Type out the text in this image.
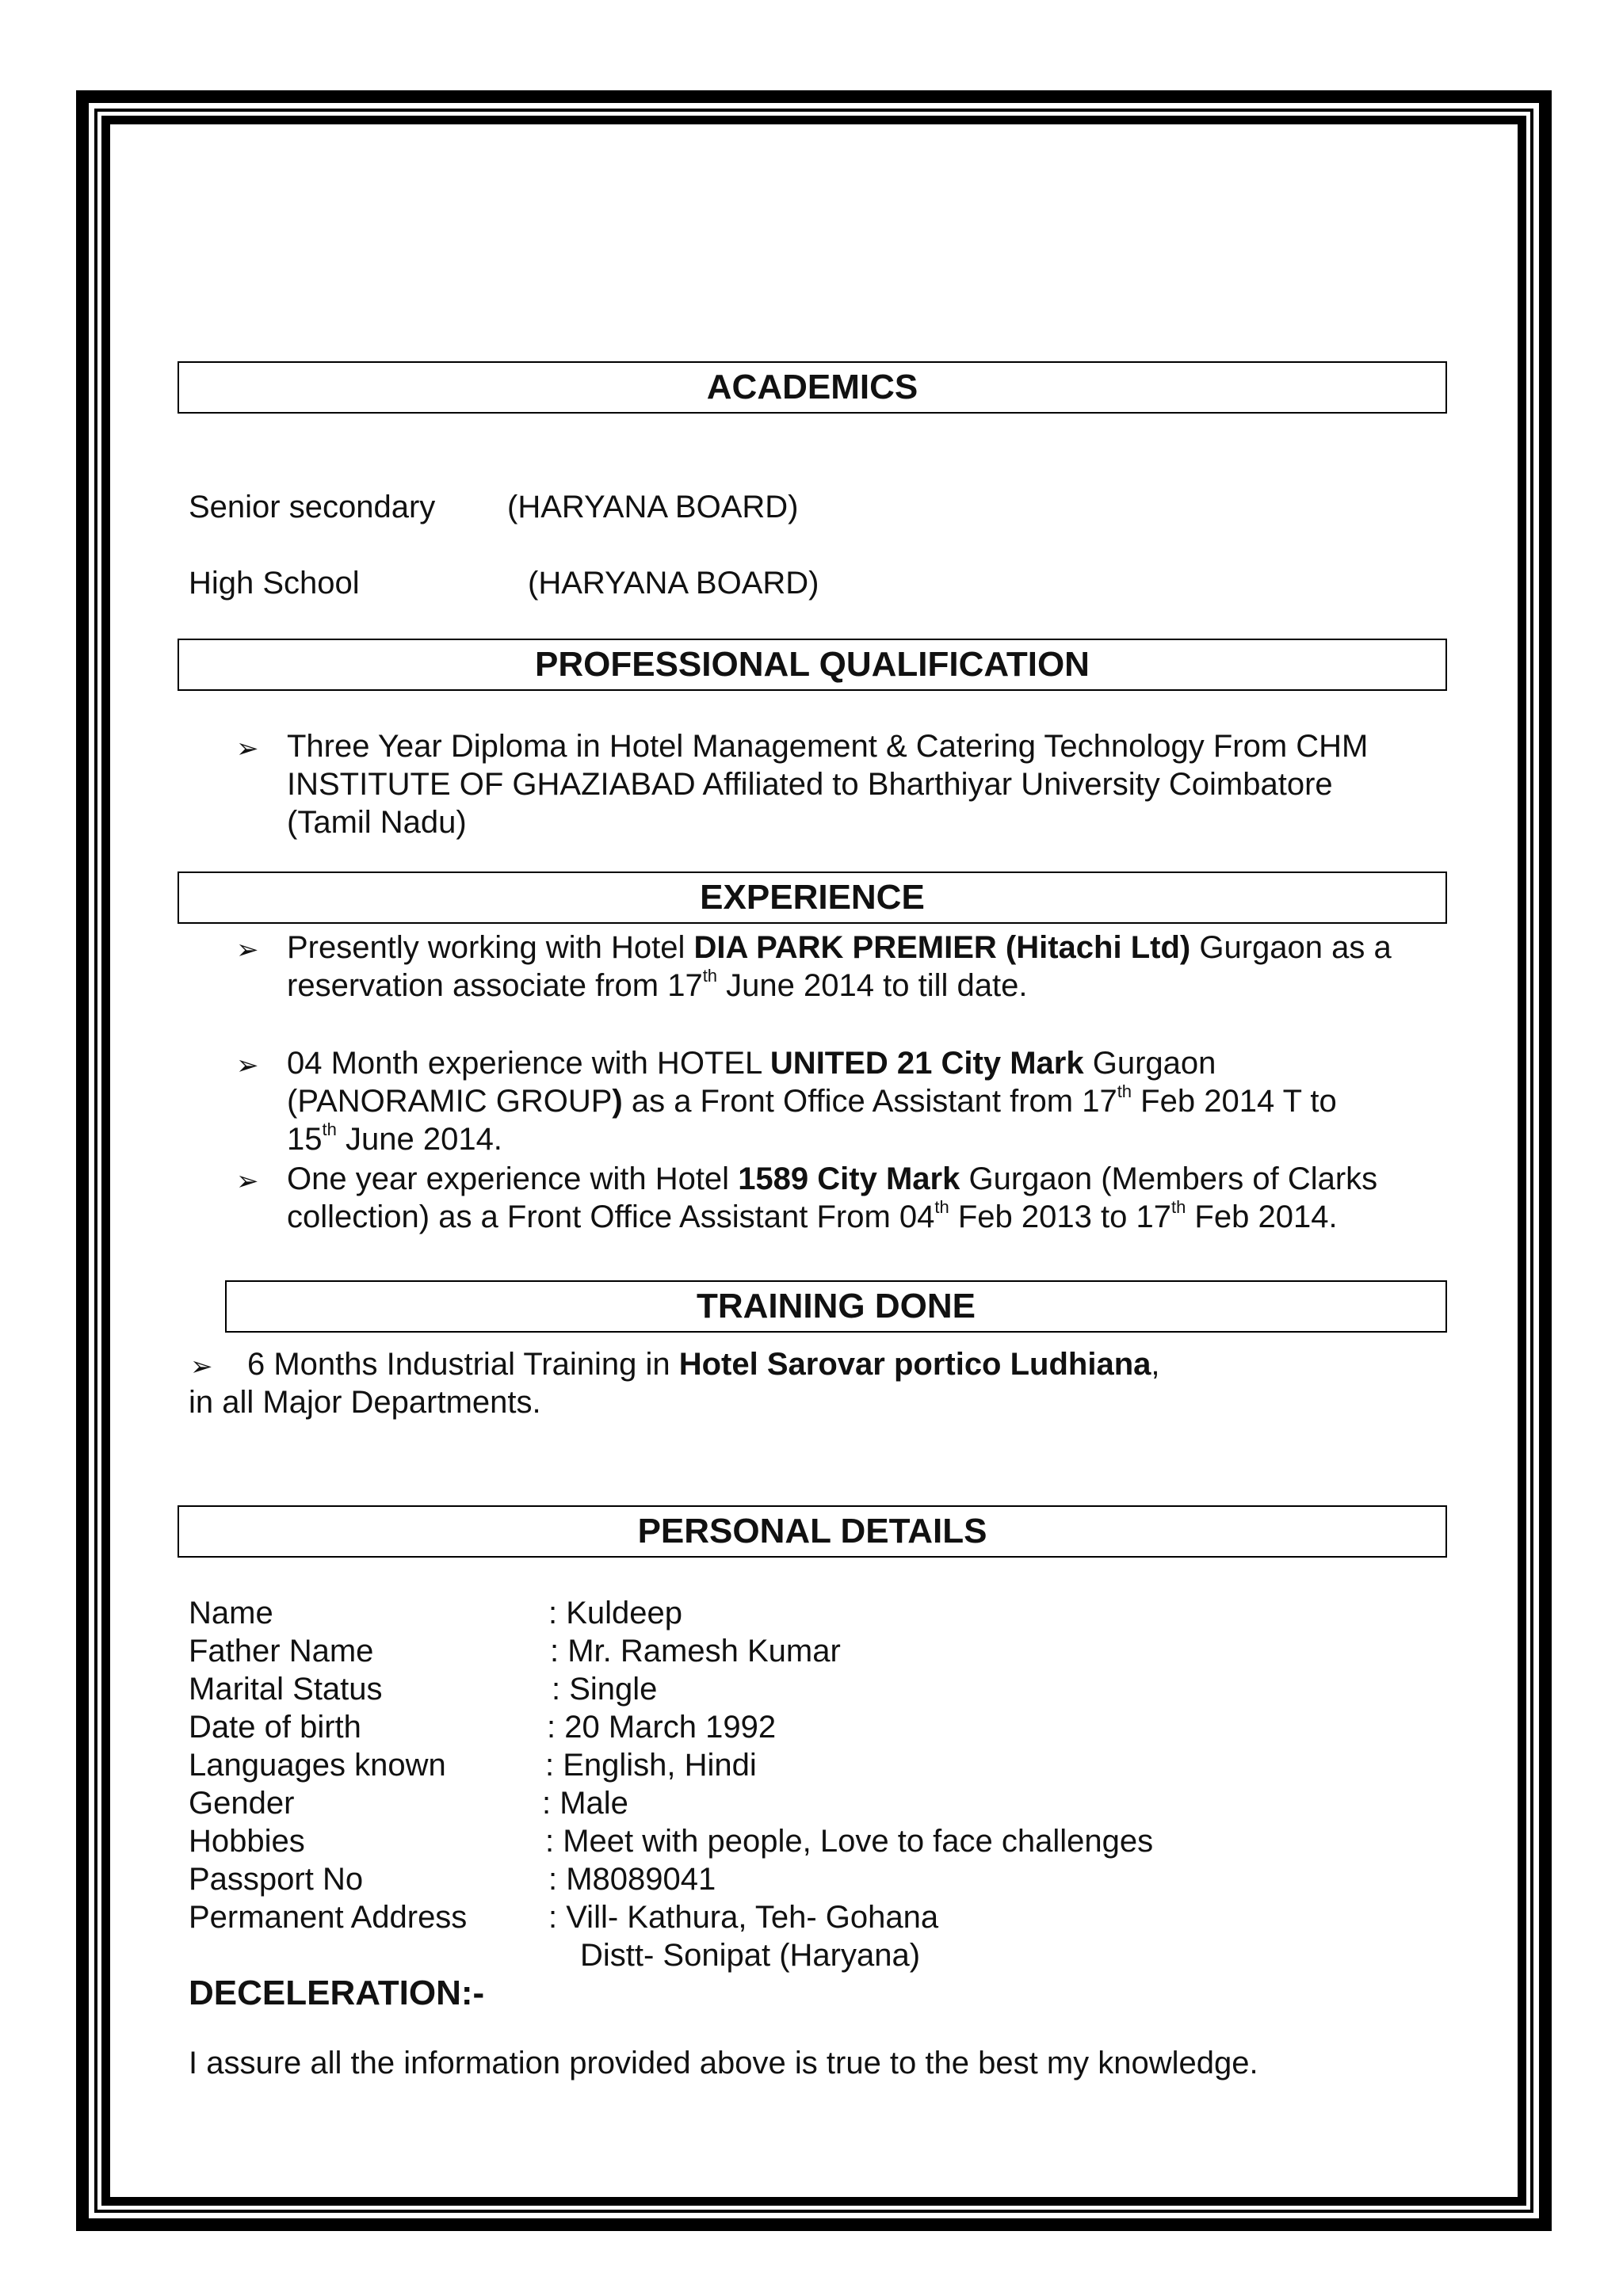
ACADEMICS
Senior secondary (HARYANA BOARD)
High School	(HARYANA BOARD)
PROFESSIONAL QUALIFICATION
➢ Three Year Diploma in Hotel Management & Catering Technology From CHM
INSTITUTE OF GHAZIABAD Affiliated to Bharthiyar University Coimbatore
(Tamil Nadu)
EXPERIENCE
➢ Presently working with Hotel DIA PARK PREMIER (Hitachi Ltd) Gurgaon as a
reservation associate from 17th June 2014 to till date.
➢ 04 Month experience with HOTEL UNITED 21 City Mark Gurgaon
(PANORAMIC GROUP) as a Front Office Assistant from 17th Feb 2014 T to
15th June 2014.
➢ One year experience with Hotel 1589 City Mark Gurgaon (Members of Clarks
collection) as a Front Office Assistant From 04th Feb 2013 to 17th Feb 2014.
TRAINING DONE
➢ 6 Months Industrial Training in Hotel Sarovar portico Ludhiana,
in all Major Departments.
PERSONAL DETAILS
Name	: Kuldeep
Father Name	: Mr. Ramesh Kumar
Marital Status	: Single
Date of birth	: 20 March 1992
Languages known	: English, Hindi
Gender	: Male
Hobbies	: Meet with people, Love to face challenges
Passport No	: M8089041
Permanent Address	: Vill- Kathura, Teh- Gohana
Distt- Sonipat (Haryana)
DECELERATION:-
I assure all the information provided above is true to the best my knowledge.
